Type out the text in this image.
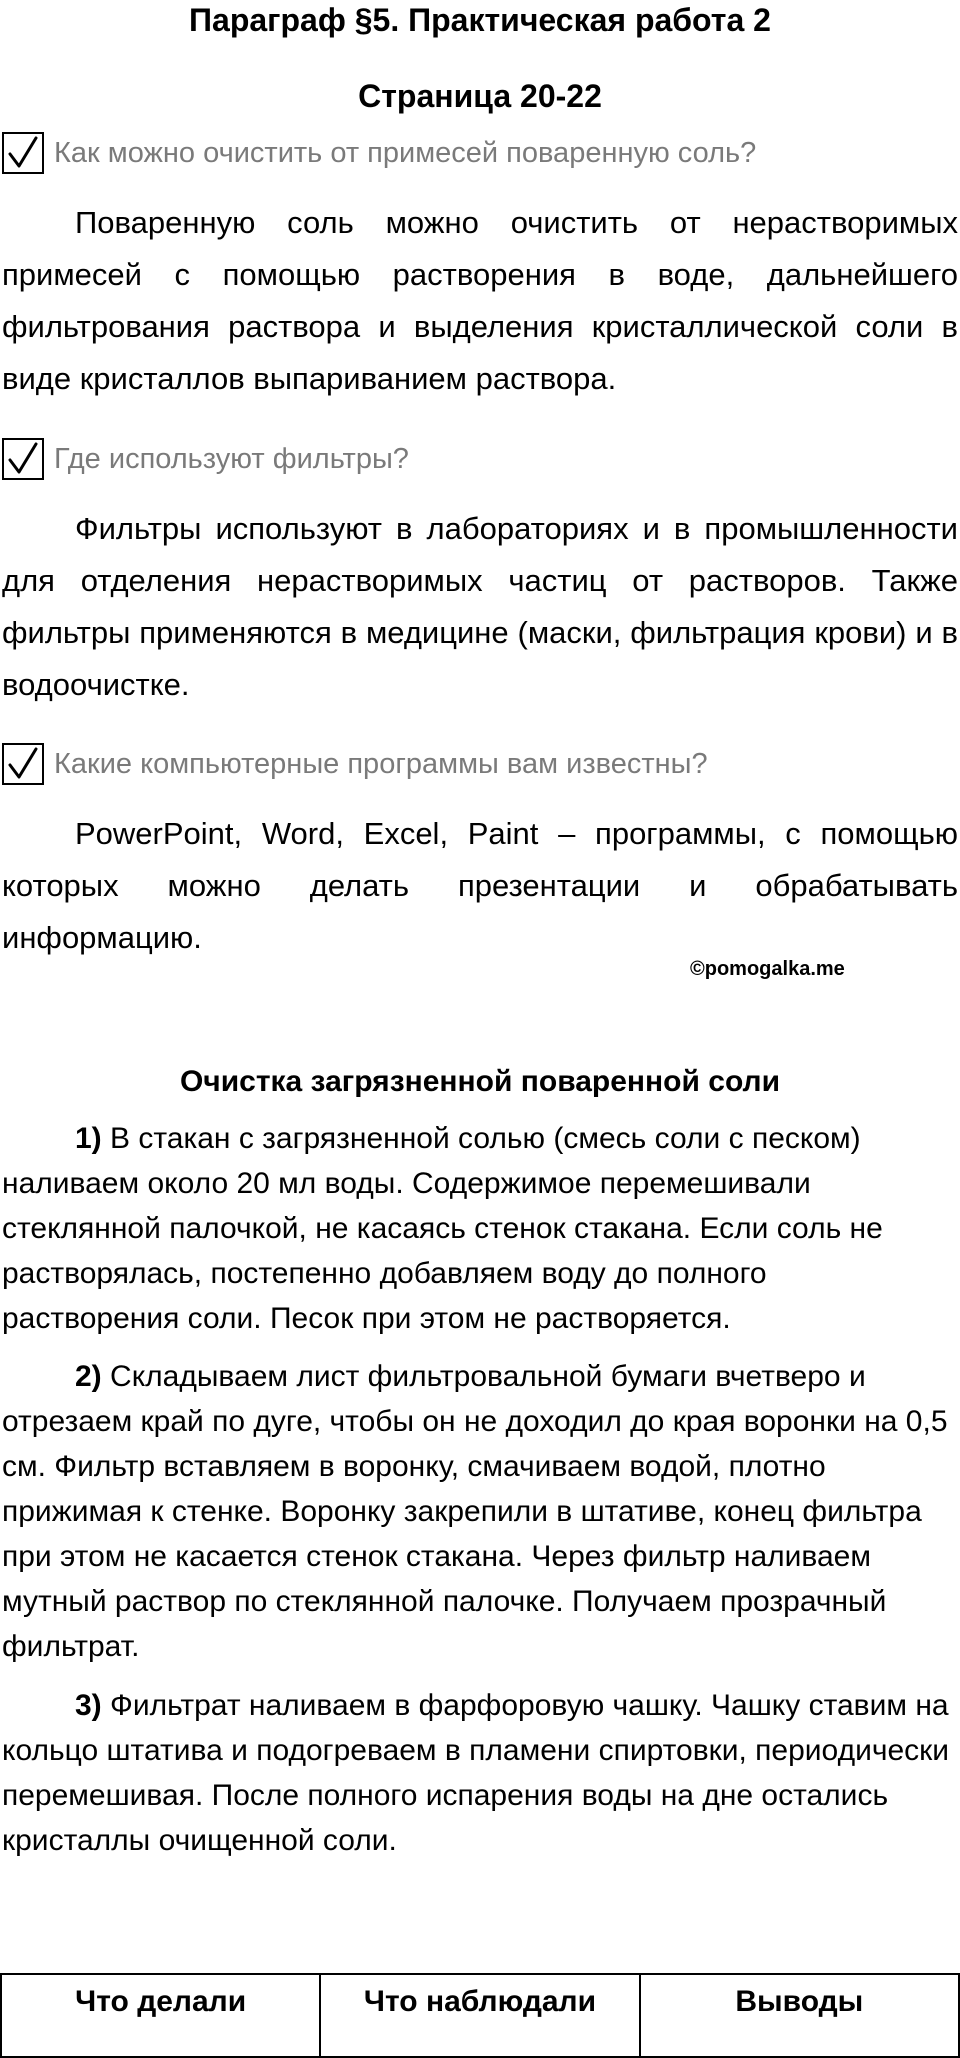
Параграф §5. Практическая работа 2
Страница 20-22
Как можно очистить от примесей поваренную соль?

Поваренную соль можно очистить от нерастворимых примесей с помощью растворения в воде, дальнейшего фильтрования раствора и выделения кристаллической соли в виде кристаллов выпариванием раствора.

Где используют фильтры?

Фильтры используют в лабораториях и в промышленности для отделения нерастворимых частиц от растворов. Также фильтры применяются в медицине (маски, фильтрация крови) и в водоочистке.

Какие компьютерные программы вам известны?

PowerPoint, Word, Excel, Paint – программы, с помощью которых можно делать презентации и обрабатывать информацию.

©pomogalka.me
Очистка загрязненной поваренной соли

1) В стакан с загрязненной солью (смесь соли с песком) наливаем около 20 мл воды. Содержимое перемешивали стеклянной палочкой, не касаясь стенок стакана. Если соль не растворялась, постепенно добавляем воду до полного растворения соли. Песок при этом не растворяется.

2) Складываем лист фильтровальной бумаги вчетверо и отрезаем край по дуге, чтобы он не доходил до края воронки на 0,5 см. Фильтр вставляем в воронку, смачиваем водой, плотно прижимая к стенке. Воронку закрепили в штативе, конец фильтра при этом не касается стенок стакана. Через фильтр наливаем мутный раствор по стеклянной палочке. Получаем прозрачный фильтрат.

3) Фильтрат наливаем в фарфоровую чашку. Чашку ставим на кольцо штатива и подогреваем в пламени спиртовки, периодически перемешивая. После полного испарения воды на дне остались кристаллы очищенной соли.

Что делали	Что наблюдали	Выводы
